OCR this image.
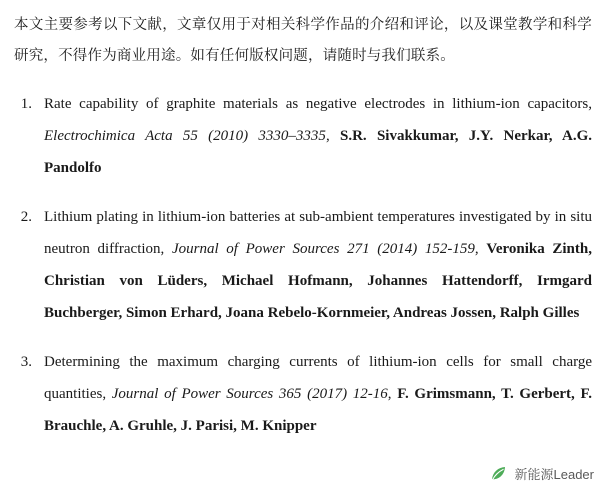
本文主要参考以下文献，文章仅用于对相关科学作品的介绍和评论，以及课堂教学和科学研究，不得作为商业用途。如有任何版权问题，请随时与我们联系。

1. Rate capability of graphite materials as negative electrodes in lithium-ion capacitors, Electrochimica Acta 55 (2010) 3330–3335, S.R. Sivakkumar, J.Y. Nerkar, A.G. Pandolfo
2. Lithium plating in lithium-ion batteries at sub-ambient temperatures investigated by in situ neutron diffraction, Journal of Power Sources 271 (2014) 152-159, Veronika Zinth, Christian von Lüders, Michael Hofmann, Johannes Hattendorff, Irmgard Buchberger, Simon Erhard, Joana Rebelo-Kornmeier, Andreas Jossen, Ralph Gilles
3. Determining the maximum charging currents of lithium-ion cells for small charge quantities, Journal of Power Sources 365 (2017) 12-16, F. Grimsmann, T. Gerbert, F. Brauchle, A. Gruhle, J. Parisi, M. Knipper
新能源Leader
